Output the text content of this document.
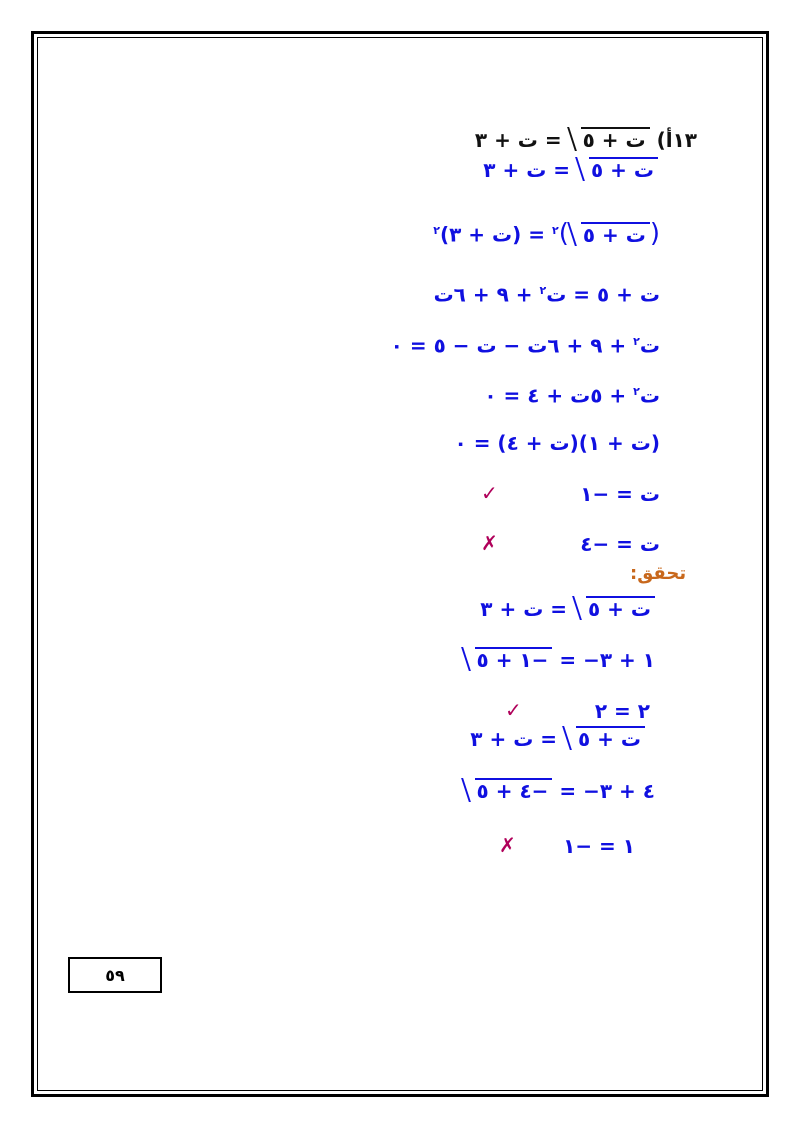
١٣أ) ت + ٥ = ت + ٣
ت + ٥ = ت + ٣
(ت + ٥)$^٢$ = (ت + ٣)$^٢$
ت + ٥ = ت$^٢$ + ٩ + ٦ت
ت$^٢$ + ٩ + ٦ت − ت − ٥ = ٠
ت$^٢$ + ٥ت + ٤ = ٠
(ت + ١)(ت + ٤) = ٠
ت = −١
✓
ت = −٤
✗
تحقق:
ت + ٥ = ت + ٣
−١ + ٥ = −١ + ٣
٢ = ٢
✓
ت + ٥ = ت + ٣
−٤ + ٥ = −٤ + ٣
١ = −١
✗
٥٩
